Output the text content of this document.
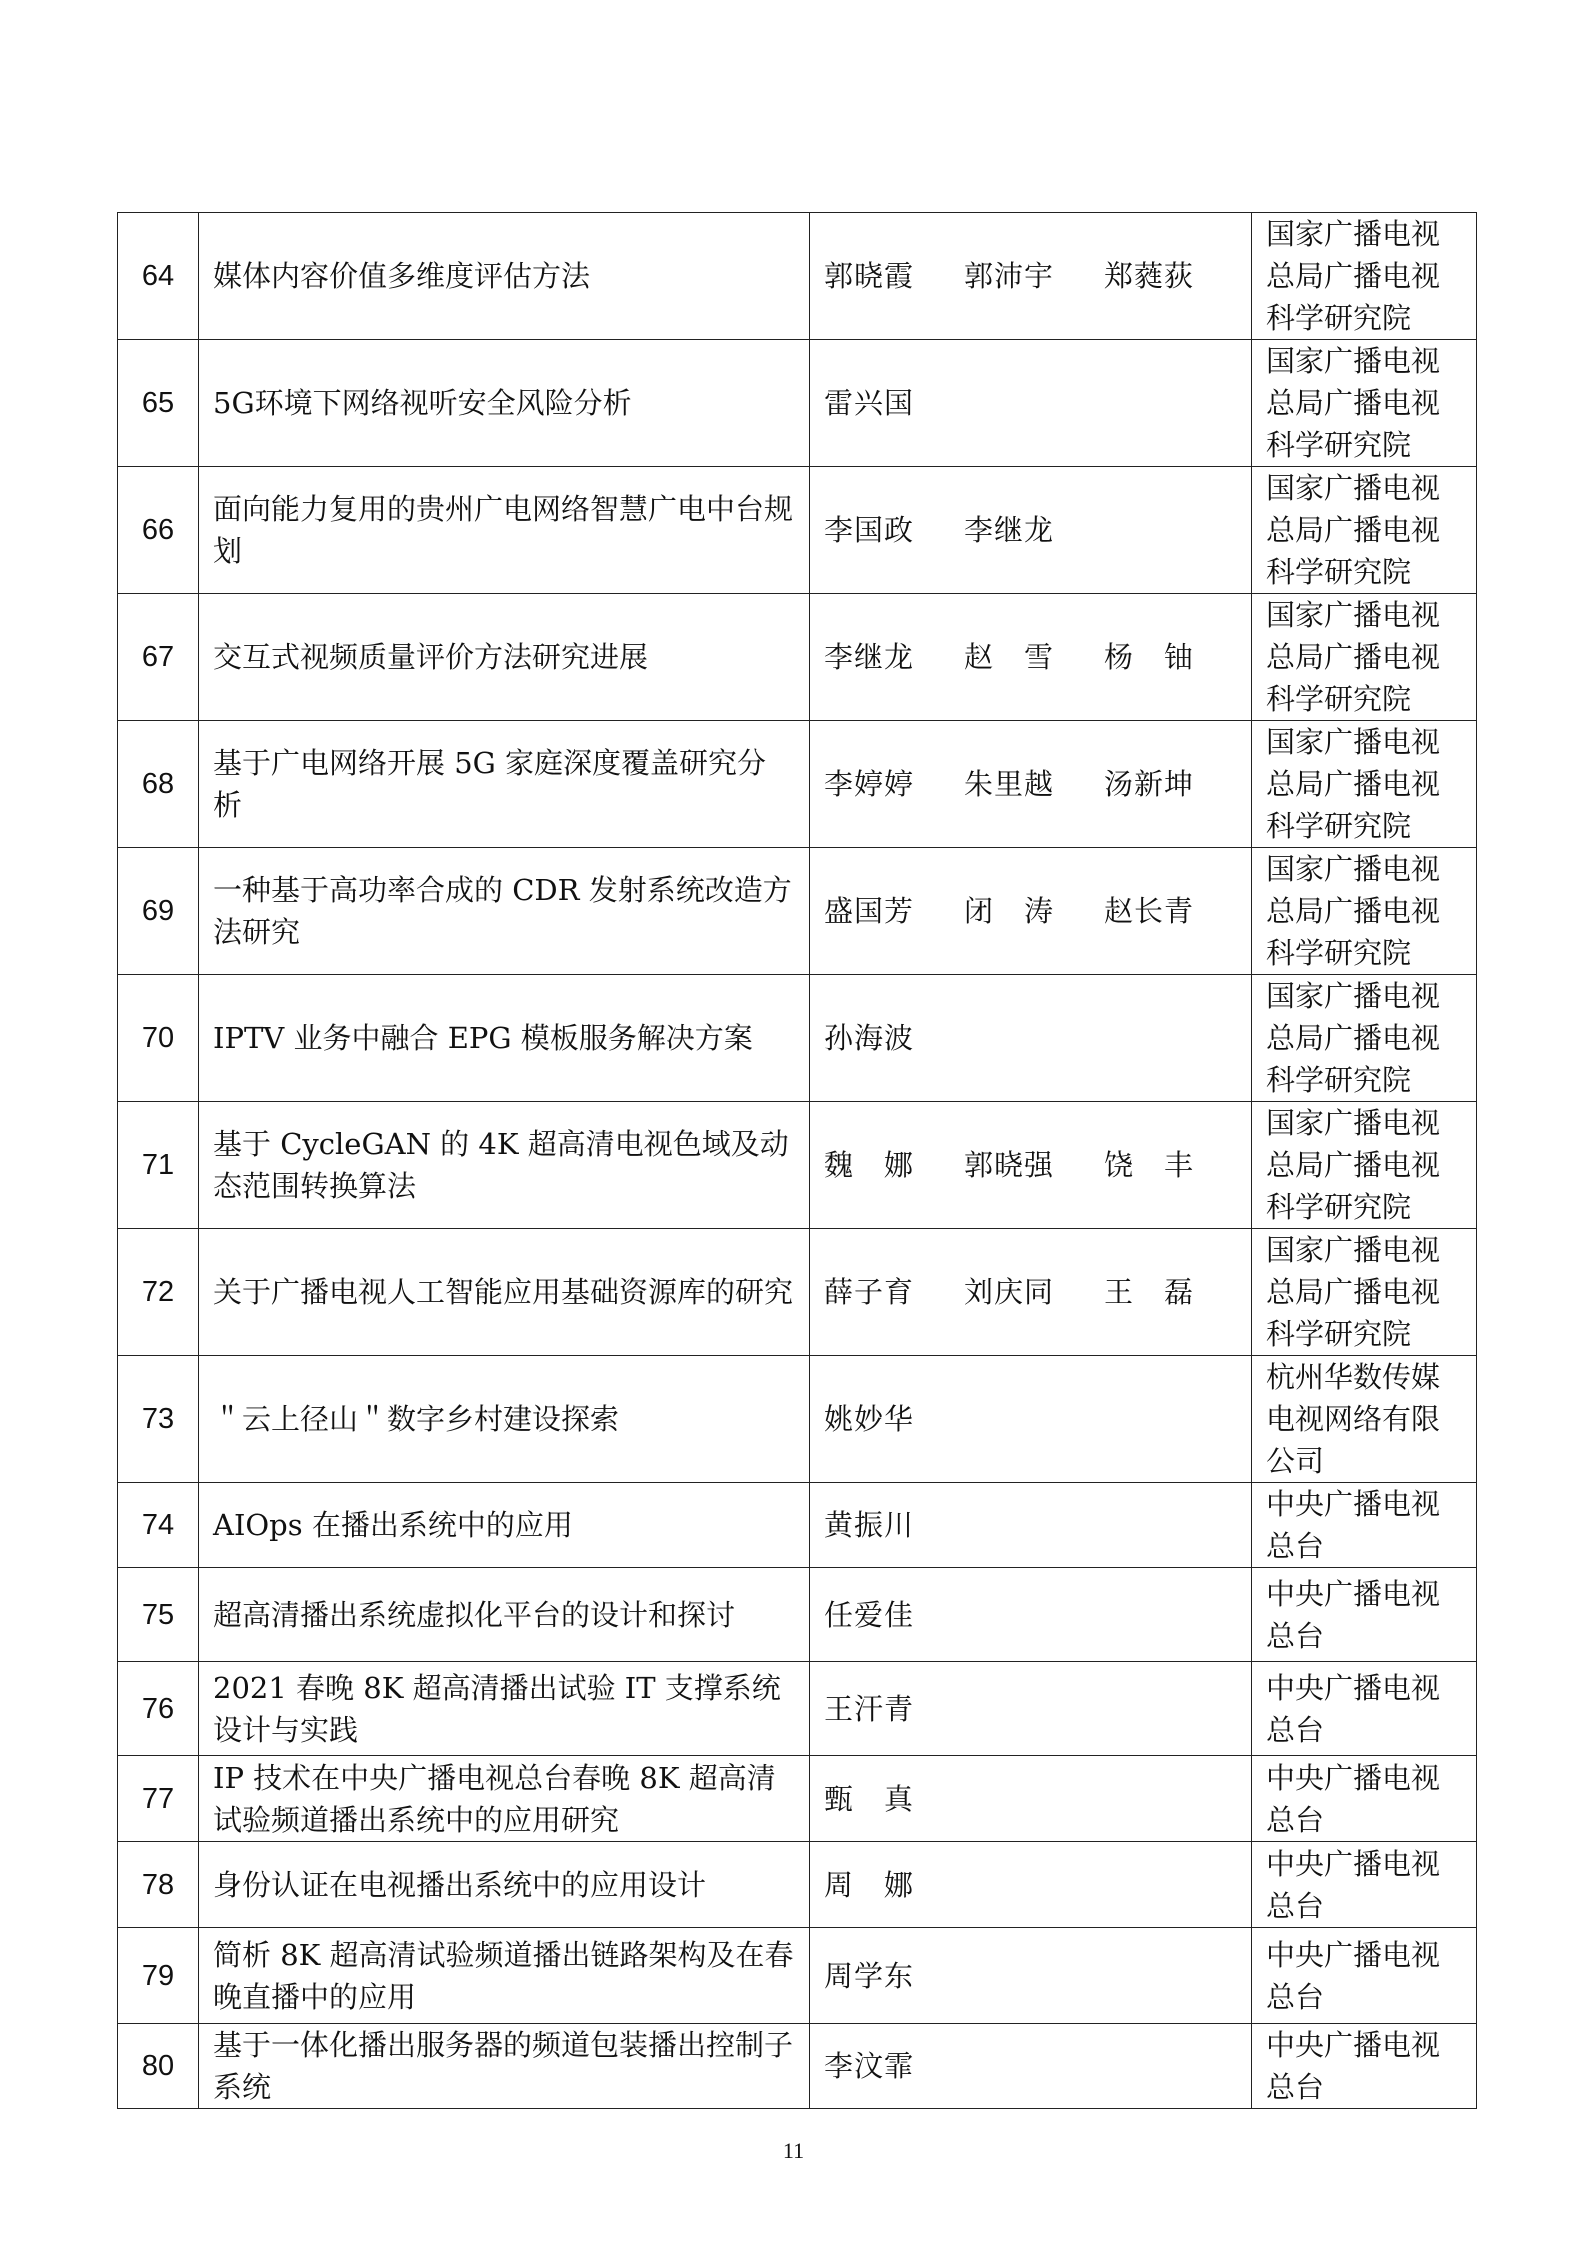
64	媒体内容价值多维度评估方法	郭晓霞 郭沛宇 郑蕤荻	国家广播电视总局广播电视科学研究院
65	5G环境下网络视听安全风险分析	雷兴国	国家广播电视总局广播电视科学研究院
66	面向能力复用的贵州广电网络智慧广电中台规划	李国政 李继龙	国家广播电视总局广播电视科学研究院
67	交互式视频质量评价方法研究进展	李继龙 赵　雪 杨　铀	国家广播电视总局广播电视科学研究院
68	基于广电网络开展 5G 家庭深度覆盖研究分析	李婷婷 朱里越 汤新坤	国家广播电视总局广播电视科学研究院
69	一种基于高功率合成的 CDR 发射系统改造方法研究	盛国芳 闭　涛 赵长青	国家广播电视总局广播电视科学研究院
70	IPTV 业务中融合 EPG 模板服务解决方案	孙海波	国家广播电视总局广播电视科学研究院
71	基于 CycleGAN 的 4K 超高清电视色域及动态范围转换算法	魏　娜 郭晓强 饶　丰	国家广播电视总局广播电视科学研究院
72	关于广播电视人工智能应用基础资源库的研究	薛子育 刘庆同 王　磊	国家广播电视总局广播电视科学研究院
73	＂云上径山＂数字乡村建设探索	姚妙华	杭州华数传媒电视网络有限公司
74	AIOps 在播出系统中的应用	黄振川	中央广播电视总台
75	超高清播出系统虚拟化平台的设计和探讨	任爱佳	中央广播电视总台
76	2021 春晚 8K 超高清播出试验 IT 支撑系统设计与实践	王汗青	中央广播电视总台
77	IP 技术在中央广播电视总台春晚 8K 超高清试验频道播出系统中的应用研究	甄　真	中央广播电视总台
78	身份认证在电视播出系统中的应用设计	周　娜	中央广播电视总台
79	简析 8K 超高清试验频道播出链路架构及在春晚直播中的应用	周学东	中央广播电视总台
80	基于一体化播出服务器的频道包装播出控制子系统	李汶霏	中央广播电视总台
11
